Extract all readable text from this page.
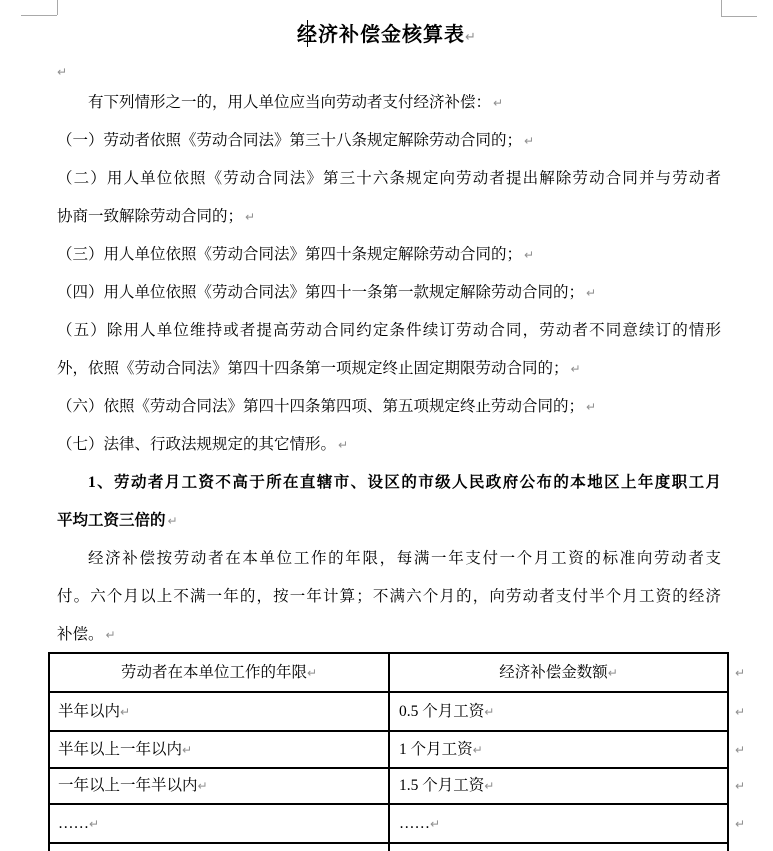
经济补偿金核算表↵
↵
有下列情形之一的，用人单位应当向劳动者支付经济补偿： ↵
（一）劳动者依照《劳动合同法》第三十八条规定解除劳动合同的； ↵
（二）用人单位依照《劳动合同法》第三十六条规定向劳动者提出解除劳动合同并与劳动者
协商一致解除劳动合同的； ↵
（三）用人单位依照《劳动合同法》第四十条规定解除劳动合同的； ↵
（四）用人单位依照《劳动合同法》第四十一条第一款规定解除劳动合同的； ↵
（五）除用人单位维持或者提高劳动合同约定条件续订劳动合同，劳动者不同意续订的情形
外，依照《劳动合同法》第四十四条第一项规定终止固定期限劳动合同的； ↵
（六）依照《劳动合同法》第四十四条第四项、第五项规定终止劳动合同的； ↵
（七）法律、行政法规规定的其它情形。 ↵
1、劳动者月工资不高于所在直辖市、设区的市级人民政府公布的本地区上年度职工月
平均工资三倍的 ↵
经济补偿按劳动者在本单位工作的年限，每满一年支付一个月工资的标准向劳动者支
付。六个月以上不满一年的，按一年计算；不满六个月的，向劳动者支付半个月工资的经济
补偿。 ↵
劳动者在本单位工作的年限↵	经济补偿金数额↵	↵
半年以内↵	0.5 个月工资↵	↵
半年以上一年以内↵	1 个月工资↵	↵
一年以上一年半以内↵	1.5 个月工资↵	↵
……↵	……↵	↵
